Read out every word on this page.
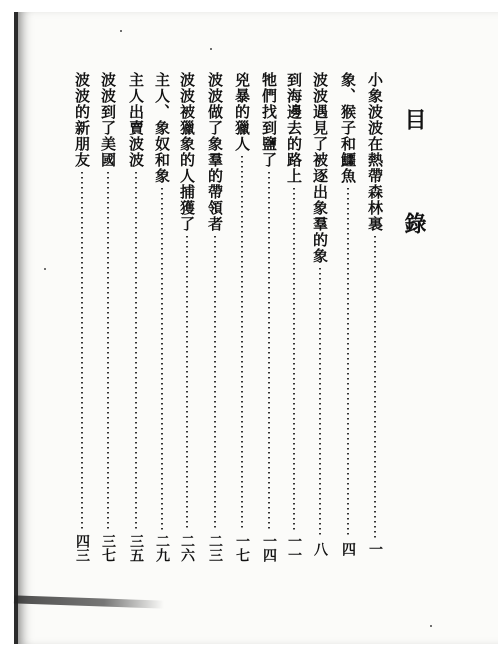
目　錄
小象波波在熱帶森林裏
一
象、猴子和鱷魚
四
波波遇見了被逐出象羣的象
八
到海邊去的路上
一一
牠們找到鹽了
一四
兇暴的獵人
一七
波波做了象羣的帶領者
二三
波波被獵象的人捕獲了
二六
主人、象奴和象
二九
主人出賣波波
三五
波波到了美國
三七
波波的新朋友
四三
